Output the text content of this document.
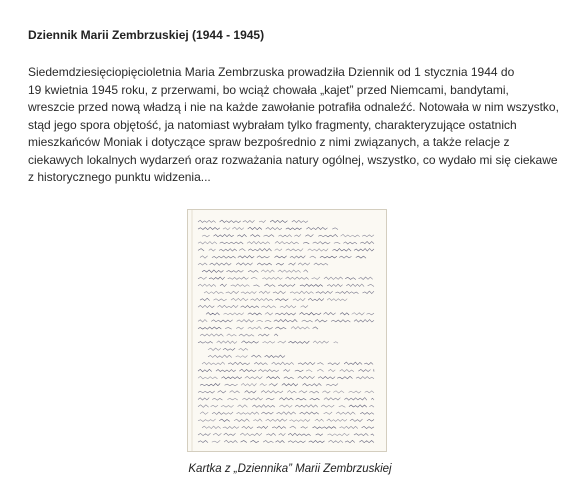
Dziennik Marii Zembrzuskiej (1944 - 1945)
Siedemdziesięciopięcioletnia Maria Zembrzuska prowadziła Dziennik od 1 stycznia 1944 do
19 kwietnia 1945 roku, z przerwami, bo wciąż chowała „kajet” przed Niemcami, bandytami,
wreszcie przed nową władzą i nie na każde zawołanie potrafiła odnaleźć. Notowała w nim wszystko,
stąd jego spora objętość, ja natomiast wybrałam tylko fragmenty, charakteryzujące ostatnich
mieszkańców Moniak i dotyczące spraw bezpośrednio z nimi związanych, a także relacje z
ciekawych lokalnych wydarzeń oraz rozważania natury ogólnej, wszystko, co wydało mi się ciekawe
z historycznego punktu widzenia...
Kartka z „Dziennika” Marii Zembrzuskiej
